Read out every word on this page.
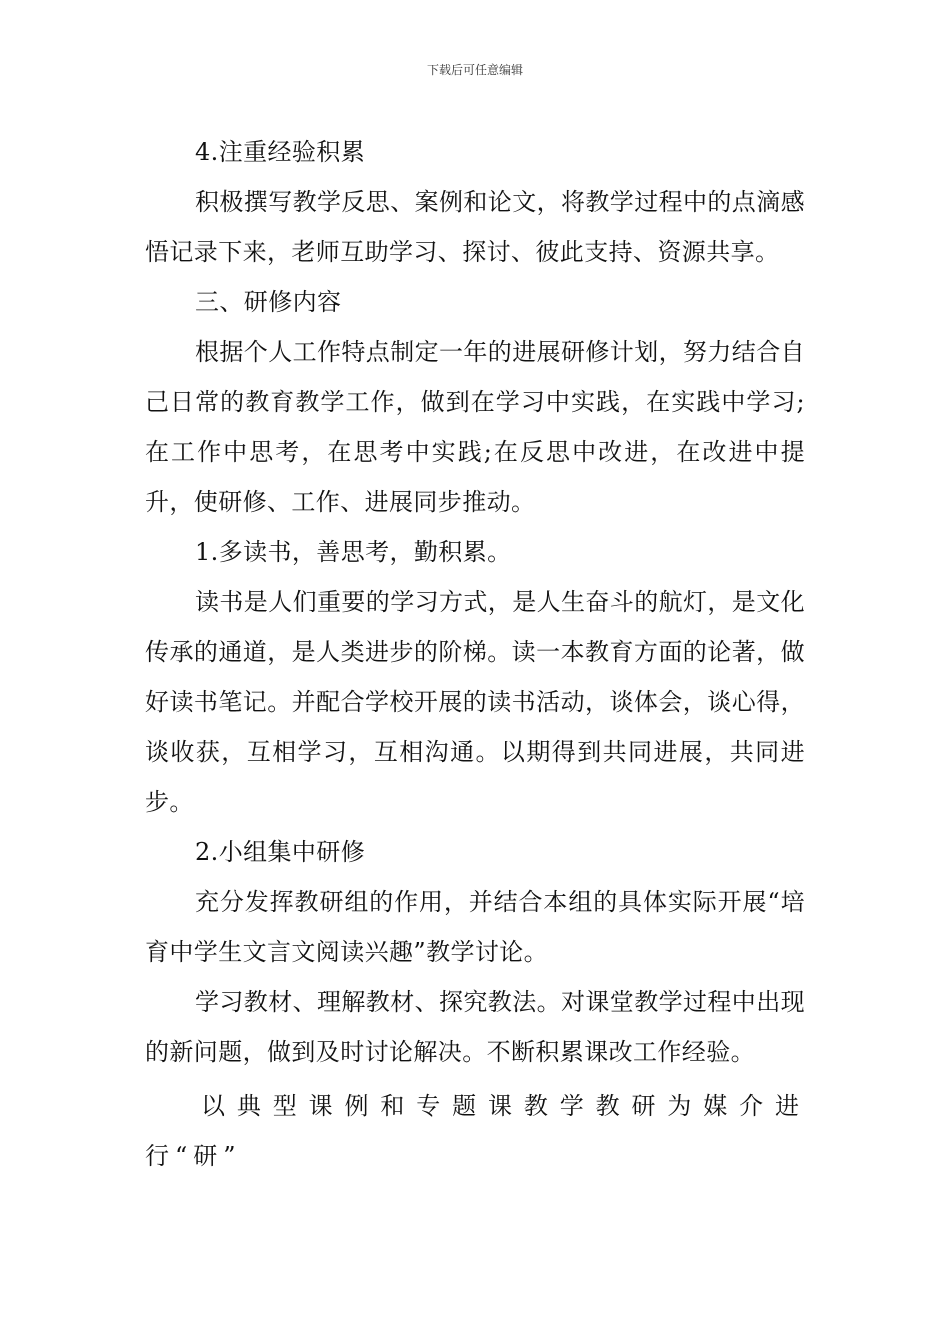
下载后可任意编辑

4.注重经验积累

积极撰写教学反思、案例和论文，将教学过程中的点滴感悟记录下来，老师互助学习、探讨、彼此支持、资源共享。

三、研修内容

根据个人工作特点制定一年的进展研修计划，努力结合自己日常的教育教学工作，做到在学习中实践，在实践中学习;在工作中思考，在思考中实践;在反思中改进，在改进中提升，使研修、工作、进展同步推动。

1.多读书，善思考，勤积累。

读书是人们重要的学习方式，是人生奋斗的航灯，是文化传承的通道，是人类进步的阶梯。读一本教育方面的论著，做好读书笔记。并配合学校开展的读书活动，谈体会，谈心得，谈收获，互相学习，互相沟通。以期得到共同进展，共同进步。

2.小组集中研修

充分发挥教研组的作用，并结合本组的具体实际开展“培育中学生文言文阅读兴趣”教学讨论。

学习教材、理解教材、探究教法。对课堂教学过程中出现的新问题，做到及时讨论解决。不断积累课改工作经验。

以典型课例和专题课教学教研为媒介进行“研”
